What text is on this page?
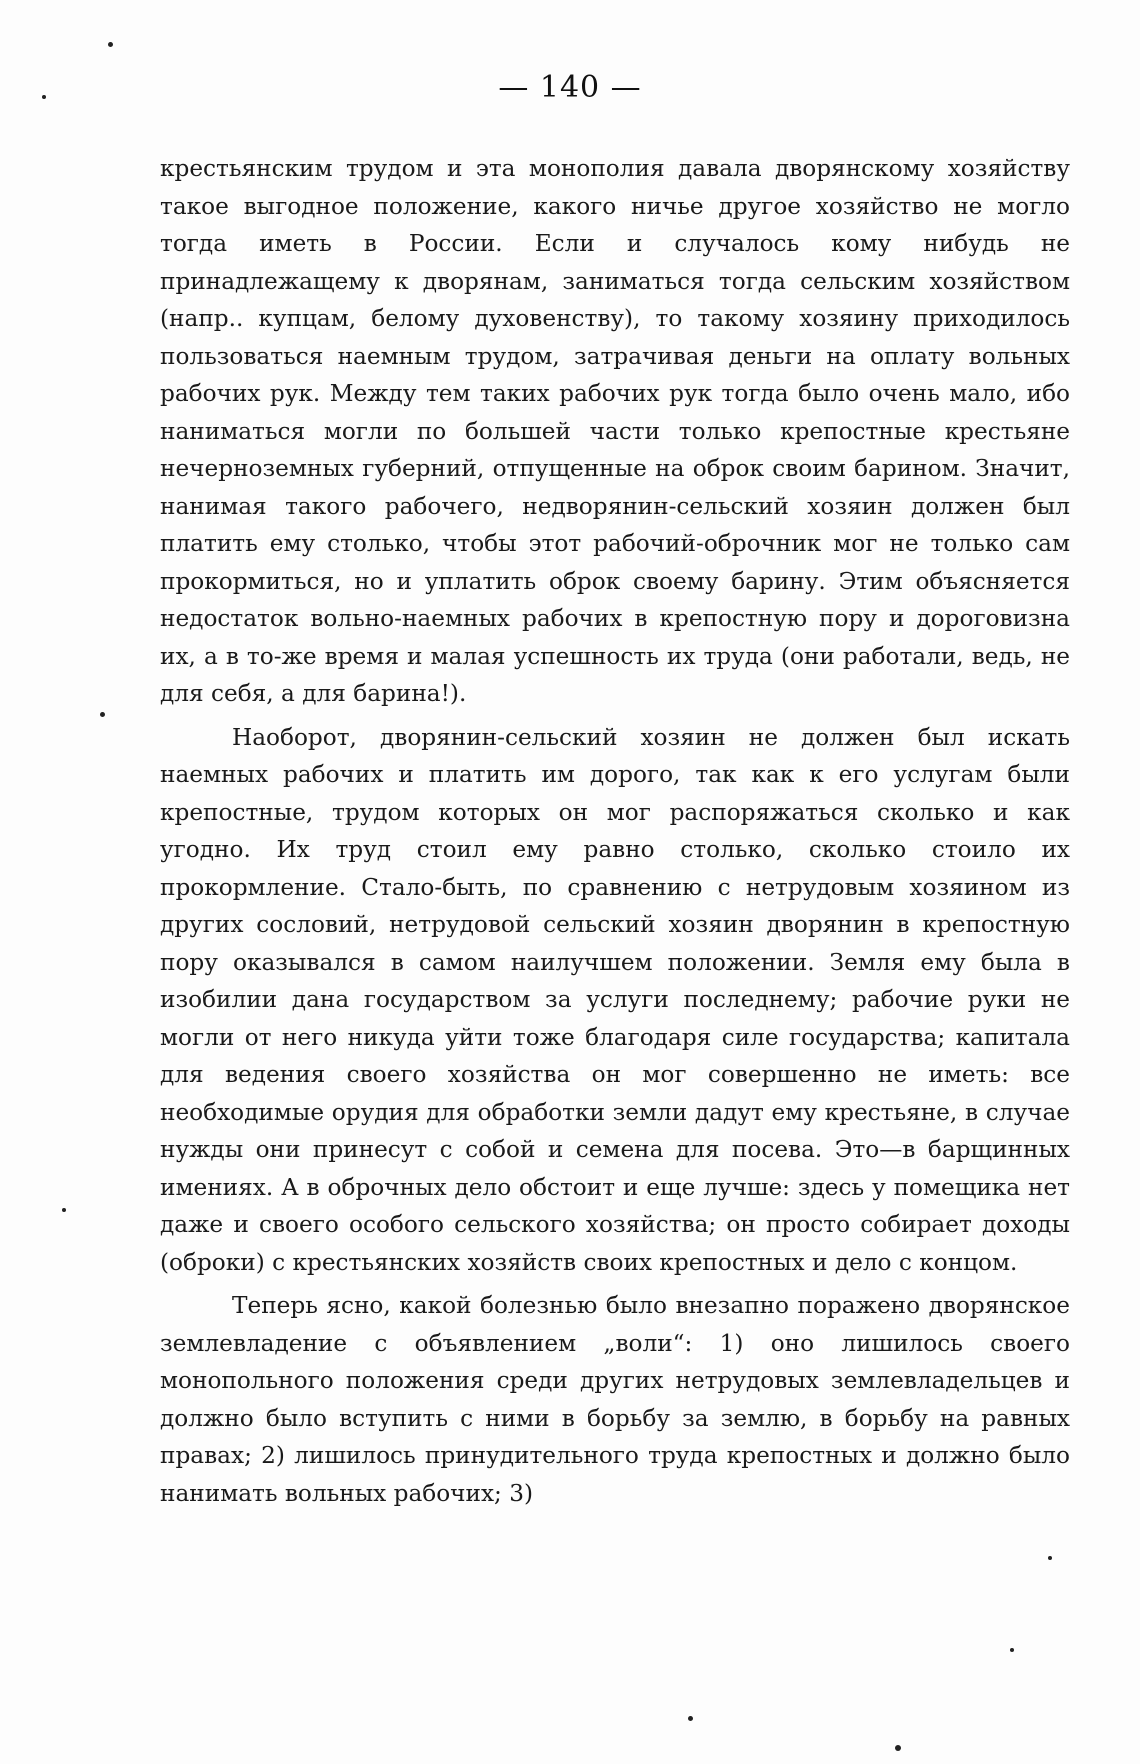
— 140 —

крестьянским трудом и эта монополия давала дворянскому хозяйству такое выгодное положение, какого ничье другое хозяйство не могло тогда иметь в России. Если и случалось кому нибудь не принадлежащему к дворянам, заниматься тогда сельским хозяйством (напр.. купцам, белому духовенству), то такому хозяину приходилось пользоваться наемным трудом, затрачивая деньги на оплату вольных рабочих рук. Между тем таких рабочих рук тогда было очень мало, ибо наниматься могли по большей части только крепостные крестьяне нечерноземных губерний, отпущенные на оброк своим барином. Значит, нанимая такого рабочего, недворянин-сельский хозяин должен был платить ему столько, чтобы этот рабочий-оброчник мог не только сам прокормиться, но и уплатить оброк своему барину. Этим объясняется недостаток вольно-наемных рабочих в крепостную пору и дороговизна их, а в то-же время и малая успешность их труда (они работали, ведь, не для себя, а для барина!).

Наоборот, дворянин-сельский хозяин не должен был искать наемных рабочих и платить им дорого, так как к его услугам были крепостные, трудом которых он мог распоряжаться сколько и как угодно. Их труд стоил ему равно столько, сколько стоило их прокормление. Стало-быть, по сравнению с нетрудовым хозяином из других сословий, нетрудовой сельский хозяин дворянин в крепостную пору оказывался в самом наилучшем положении. Земля ему была в изобилии дана государством за услуги последнему; рабочие руки не могли от него никуда уйти тоже благодаря силе государства; капитала для ведения своего хозяйства он мог совершенно не иметь: все необходимые орудия для обработки земли дадут ему крестьяне, в случае нужды они принесут с собой и семена для посева. Это—в барщинных имениях. А в оброчных дело обстоит и еще лучше: здесь у помещика нет даже и своего особого сельского хозяйства; он просто собирает доходы (оброки) с крестьянских хозяйств своих крепостных и дело с концом.

Теперь ясно, какой болезнью было внезапно поражено дворянское землевладение с объявлением „воли“: 1) оно лишилось своего монопольного положения среди других нетрудовых землевладельцев и должно было вступить с ними в борьбу за землю, в борьбу на равных правах; 2) лишилось принудительного труда крепостных и должно было нанимать вольных рабочих; 3)
